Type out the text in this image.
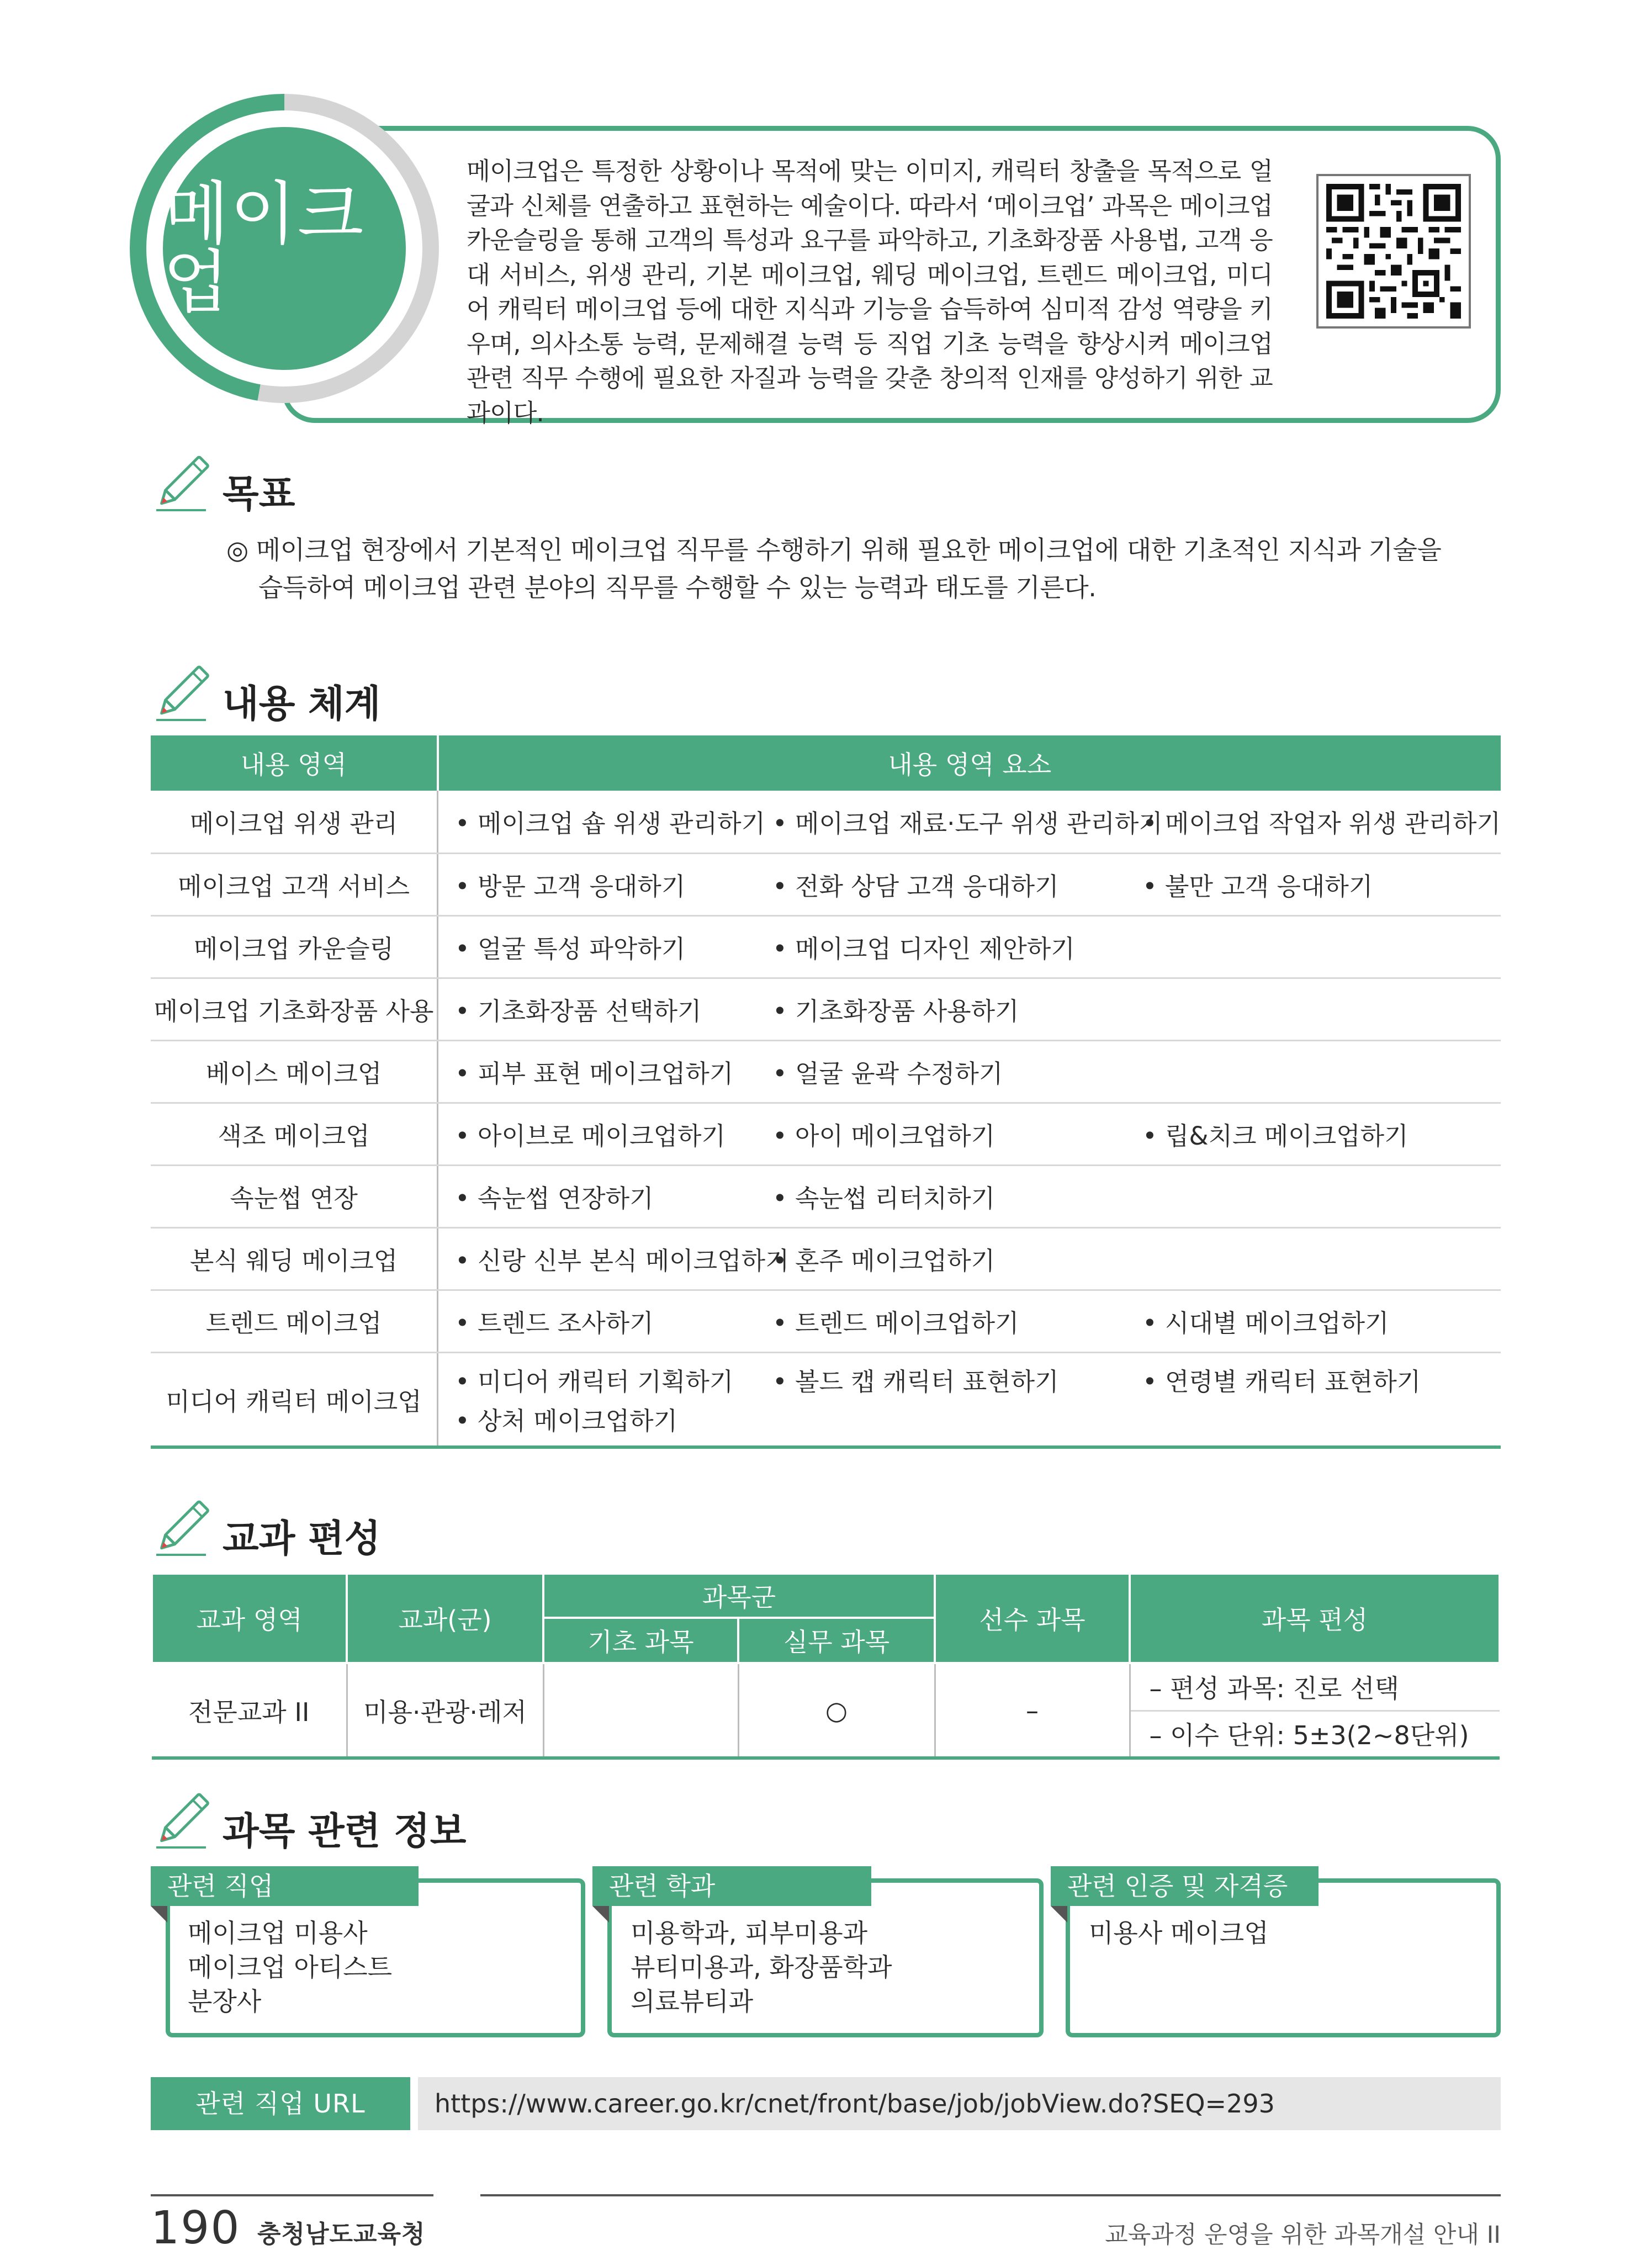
메이크업
메이크업은 특정한 상황이나 목적에 맞는 이미지, 캐릭터 창출을 목적으로 얼굴과 신체를 연출하고 표현하는 예술이다. 따라서 ‘메이크업’ 과목은 메이크업 카운슬링을 통해 고객의 특성과 요구를 파악하고, 기초화장품 사용법, 고객 응대 서비스, 위생 관리, 기본 메이크업, 웨딩 메이크업, 트렌드 메이크업, 미디어 캐릭터 메이크업 등에 대한 지식과 기능을 습득하여 심미적 감성 역량을 키우며, 의사소통 능력, 문제해결 능력 등 직업 기초 능력을 향상시켜 메이크업 관련 직무 수행에 필요한 자질과 능력을 갖춘 창의적 인재를 양성하기 위한 교과이다.
목표
◎ 메이크업 현장에서 기본적인 메이크업 직무를 수행하기 위해 필요한 메이크업에 대한 기초적인 지식과 기술을
습득하여 메이크업 관련 분야의 직무를 수행할 수 있는 능력과 태도를 기른다.
내용 체계
내용 영역	내용 영역 요소
메이크업 위생 관리	• 메이크업 숍 위생 관리하기 • 메이크업 재료·도구 위생 관리하기
• 메이크업 작업자 위생 관리하기

메이크업 고객 서비스	• 방문 고객 응대하기 • 전화 상담 고객 응대하기 • 불만 고객 응대하기

메이크업 카운슬링	• 얼굴 특성 파악하기 • 메이크업 디자인 제안하기

메이크업 기초화장품 사용	• 기초화장품 선택하기 • 기초화장품 사용하기

베이스 메이크업	• 피부 표현 메이크업하기 • 얼굴 윤곽 수정하기

색조 메이크업	• 아이브로 메이크업하기 • 아이 메이크업하기 • 립&치크 메이크업하기

속눈썹 연장	• 속눈썹 연장하기 • 속눈썹 리터치하기

본식 웨딩 메이크업	• 신랑 신부 본식 메이크업하기
• 혼주 메이크업하기

트렌드 메이크업	• 트렌드 조사하기 • 트렌드 메이크업하기 • 시대별 메이크업하기

미디어 캐릭터 메이크업	• 미디어 캐릭터 기획하기 • 볼드 캡 캐릭터 표현하기 • 연령별 캐릭터 표현하기
• 상처 메이크업하기
교과 편성
교과 영역	교과(군)	과목군		선수 과목	과목 편성
		기초 과목	실무 과목		
전문교과 II	미용·관광·레저		○	–	– 편성 과목: 진로 선택
					– 이수 단위: 5±3(2~8단위)
과목 관련 정보
관련 직업
메이크업 미용사
메이크업 아티스트
분장사
관련 학과
미용학과, 피부미용과
뷰티미용과, 화장품학과
의료뷰티과
관련 인증 및 자격증
미용사 메이크업
관련 직업 URL	https://www.career.go.kr/cnet/front/base/job/jobView.do?SEQ=293
190 충청남도교육청	교육과정 운영을 위한 과목개설 안내 II
